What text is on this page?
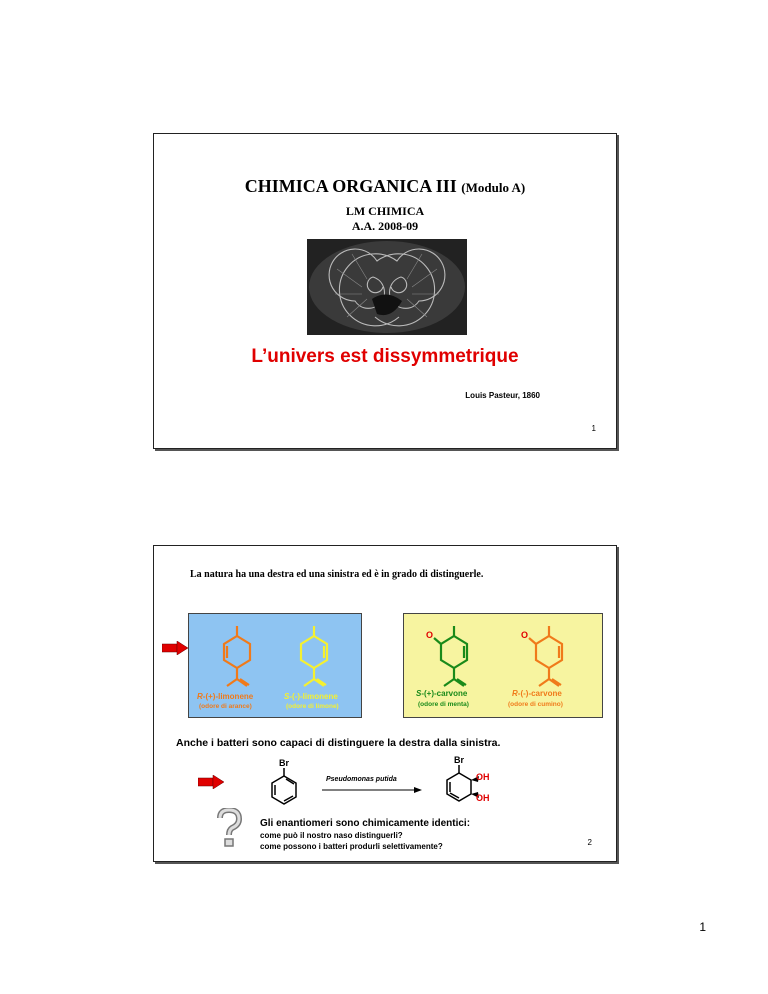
CHIMICA ORGANICA III (Modulo A)
LM CHIMICA
A.A. 2008-09
L’univers est dissymmetrique
Louis Pasteur, 1860
1
La natura ha una destra ed una sinistra ed è in grado di distinguerle.
R-(+)-limonene
(odore di arance)
S-(-)-limonene
(odore di limone)
O	O
S-(+)-carvone
(odore di menta)
R-(-)-carvone
(odore di cumino)
Anche i batteri sono capaci di distinguere la destra dalla sinistra.
Br
Pseudomonas putida
Br
OH
OH
Gli enantiomeri sono chimicamente identici:
come può il nostro naso distinguerli?
come possono i batteri produrli selettivamente?	2
1
